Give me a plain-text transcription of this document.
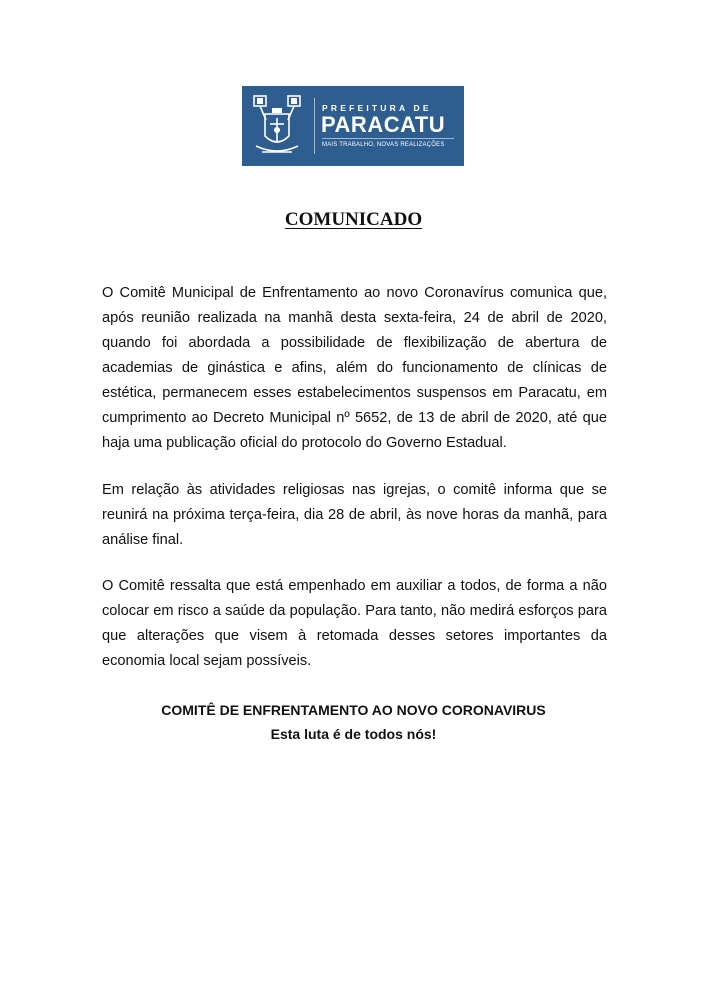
PREFEITURA DE
PARACATU
MAIS TRABALHO, NOVAS REALIZAÇÕES
COMUNICADO

O Comitê Municipal de Enfrentamento ao novo Coronavírus comunica que, após reunião realizada na manhã desta sexta-feira, 24 de abril de 2020, quando foi abordada a possibilidade de flexibilização de abertura de academias de ginástica e afins, além do funcionamento de clínicas de estética, permanecem esses estabelecimentos suspensos em Paracatu, em cumprimento ao Decreto Municipal nº 5652, de 13 de abril de 2020, até que haja uma publicação oficial do protocolo do Governo Estadual.

Em relação às atividades religiosas nas igrejas, o comitê informa que se reunirá na próxima terça-feira, dia 28 de abril, às nove horas da manhã, para análise final.

O Comitê ressalta que está empenhado em auxiliar a todos, de forma a não colocar em risco a saúde da população. Para tanto, não medirá esforços para que alterações que visem à retomada desses setores importantes da economia local sejam possíveis.

COMITÊ DE ENFRENTAMENTO AO NOVO CORONAVIRUS
Esta luta é de todos nós!
